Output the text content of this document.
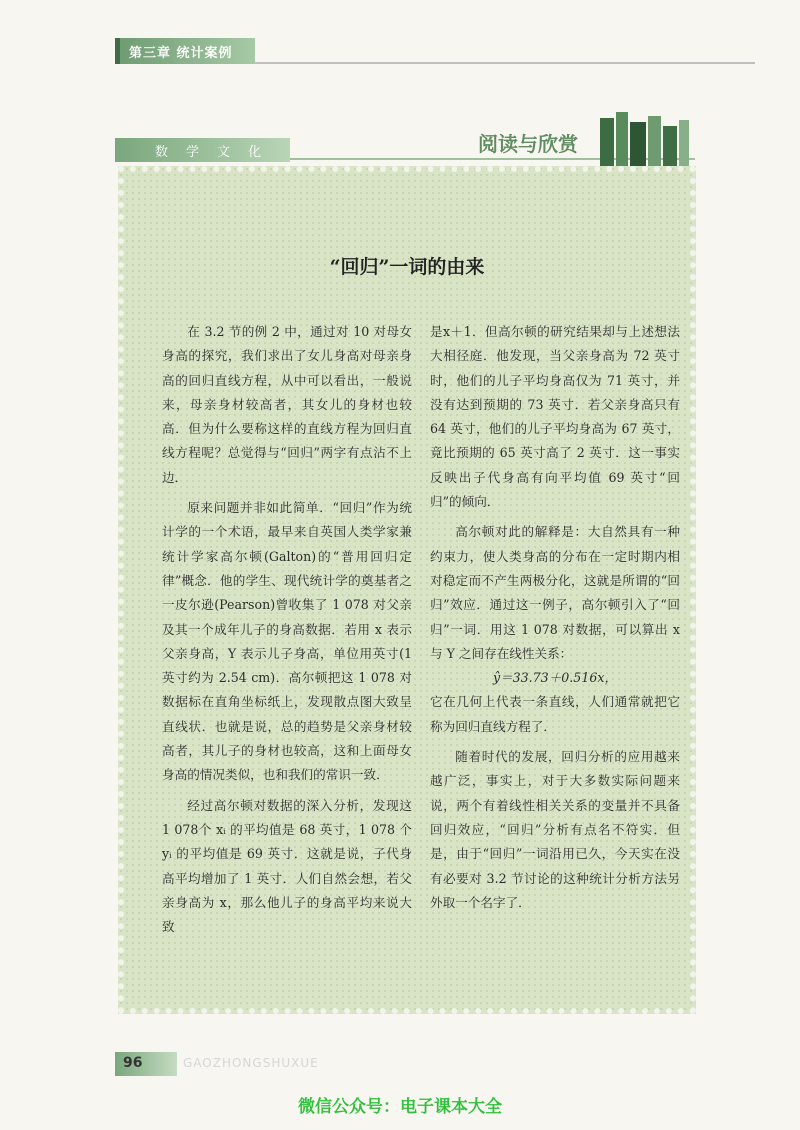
第三章 统计案例
数学文化	阅读与欣赏
“回归”一词的由来

在 3.2 节的例 2 中，通过对 10 对母女身高的探究，我们求出了女儿身高对母亲身高的回归直线方程，从中可以看出，一般说来，母亲身材较高者，其女儿的身材也较高．但为什么要称这样的直线方程为回归直线方程呢？总觉得与“回归”两字有点沾不上边．

原来问题并非如此简单．“回归”作为统计学的一个术语，最早来自英国人类学家兼统计学家高尔顿(Galton)的“普用回归定律”概念．他的学生、现代统计学的奠基者之一皮尔逊(Pearson)曾收集了 1 078 对父亲及其一个成年儿子的身高数据．若用 x 表示父亲身高，Y 表示儿子身高，单位用英寸(1 英寸约为 2.54 cm)．高尔顿把这 1 078 对数据标在直角坐标纸上，发现散点图大致呈直线状．也就是说，总的趋势是父亲身材较高者，其儿子的身材也较高，这和上面母女身高的情况类似，也和我们的常识一致．

经过高尔顿对数据的深入分析，发现这 1 078个 xᵢ 的平均值是 68 英寸，1 078 个 yᵢ 的平均值是 69 英寸．这就是说，子代身高平均增加了 1 英寸．人们自然会想，若父亲身高为 x，那么他儿子的身高平均来说大致

是x＋1．但高尔顿的研究结果却与上述想法大相径庭．他发现，当父亲身高为 72 英寸时，他们的儿子平均身高仅为 71 英寸，并没有达到预期的 73 英寸．若父亲身高只有 64 英寸，他们的儿子平均身高为 67 英寸，竟比预期的 65 英寸高了 2 英寸．这一事实反映出子代身高有向平均值 69 英寸“回归”的倾向．

高尔顿对此的解释是：大自然具有一种约束力，使人类身高的分布在一定时期内相对稳定而不产生两极分化，这就是所谓的“回归”效应．通过这一例子，高尔顿引入了“回归”一词．用这 1 078 对数据，可以算出 x 与 Y 之间存在线性关系：

ŷ＝33.73＋0.516x，

它在几何上代表一条直线，人们通常就把它称为回归直线方程了．

随着时代的发展，回归分析的应用越来越广泛，事实上，对于大多数实际问题来说，两个有着线性相关关系的变量并不具备回归效应，“回归”分析有点名不符实．但是，由于“回归”一词沿用已久，今天实在没有必要对 3.2 节讨论的这种统计分析方法另外取一个名字了．

96	GAOZHONGSHUXUE
微信公众号：电子课本大全
